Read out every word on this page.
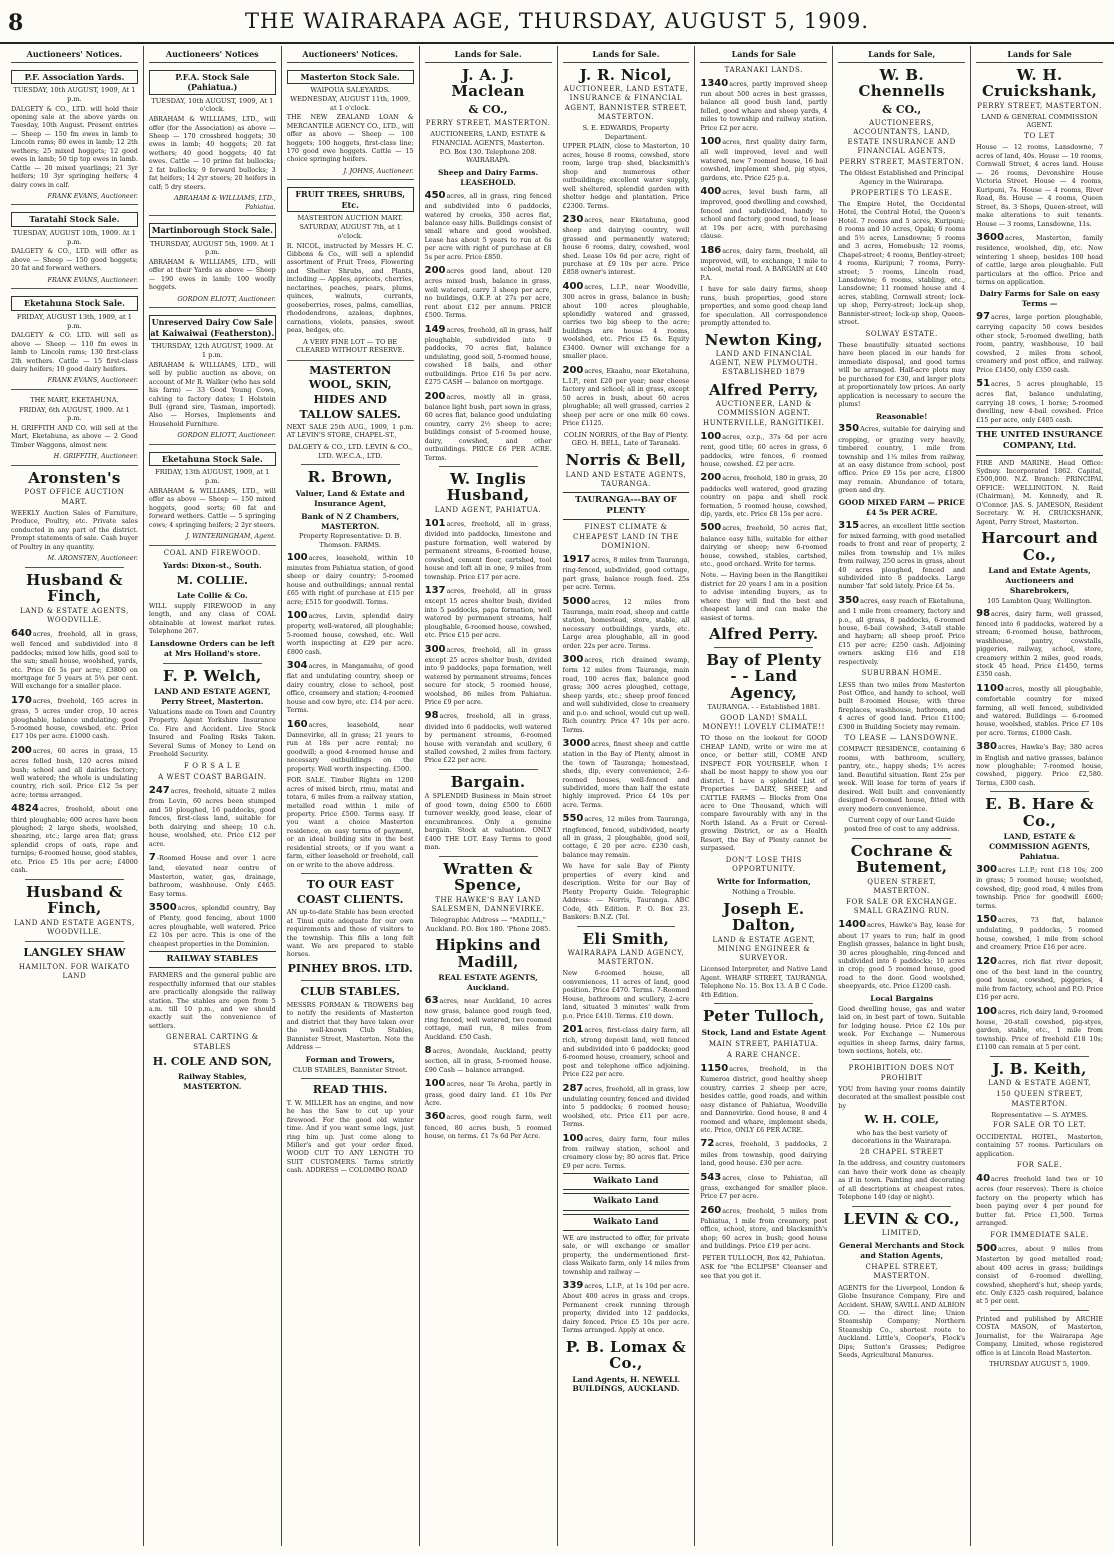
8	THE WAIRARAPA AGE, THURSDAY, AUGUST 5, 1909.
Auctioneers' Notices.
P.F. Association Yards.
TUESDAY, 10th AUGUST, 1909, At 1 p.m.
DALGETY & CO., LTD. will hold their opening sale at the above yards on Tuesday, 10th August. Present entries — Sheep — 150 fm ewes in lamb to Lincoln rams; 80 ewes in lamb; 12 2th wethers; 25 mixed hoggets; 12 good ewes in lamb; 50 tip top ewes in lamb. Cattle — 20 mixed yearlings; 21 3yr heifers; 10 3yr springing heifers; 4 dairy cows in calf.
FRANK EVANS, Auctioneer.
Taratahi Stock Sale.
TUESDAY, AUGUST 10th, 1909. At 1 p.m.
DALGETY & CO., LTD. will offer as above — Sheep — 150 good hoggets; 20 fat and forward wethers.
FRANK EVANS, Auctioneer.
Eketahuna Stock Sale.
FRIDAY, AUGUST 13th, 1909, at 1 p.m.
DALGETY & CO. LTD. will sell as above — Sheep — 110 fm ewes in lamb to Lincoln rams; 130 first-class 2th wethers. Cattle — 15 first-class dairy heifers; 10 good dairy heifers.
FRANK EVANS, Auctioneer.
THE MART, EKETAHUNA.
FRIDAY, 6th AUGUST, 1909. At 1 p.m.
H. GRIFFITH AND CO. will sell at the Mart, Eketahuna, as above — 2 Good Timber Waggons, almost new.
H. GRIFFITH, Auctioneer.
Aronsten's
POST OFFICE AUCTION MART.
WEEKLY Auction Sales of Furniture, Produce, Poultry, etc. Private sales conducted in any part of the district. Prompt statements of sale. Cash buyer of Poultry in any quantity.
M. ARONSTEN, Auctioneer.
Husband & Finch,
LAND & ESTATE AGENTS, WOODVILLE.
640acres, freehold, all in grass, well fenced and subdivided into 8 paddocks; mixed low hills, good soil to the sun; small house, woolshed, yards, etc. Price £6 5s per acre; £3800 on mortgage for 5 years at 5¼ per cent. Will exchange for a smaller place.
170acres, freehold, 165 acres in grass, 5 acres under crop, 10 acres ploughable, balance undulating; good 5-roomed house, cowshed, etc. Price £17 10s per acre. £1000 cash.
200acres, 60 acres in grass, 15 acres felled bush, 120 acres mixed bush; school and all dairies factory; well watered; the whole is undulating country, rich soil. Price £12 5s per acre; terms arranged.
4824acres, freehold, about one third ploughable; 600 acres have been ploughed; 2 large sheds, woolshed, shearing, etc.; large area flat; grass splendid crops of oats, rape and turnips; 6-roomed house, good stables, etc. Price £5 10s per acre; £4000 cash.
Husband & Finch,
LAND AND ESTATE AGENTS, WOODVILLE.
LANGLEY SHAW
HAMILTON. FOR WAIKATO LAND
Auctioneers' Notices
P.F.A. Stock Sale (Pahiatua.)
TUESDAY, 10th AUGUST, 1909, At 1 o'clock.
ABRAHAM & WILLIAMS, LTD., will offer (for the Association) as above — Sheep — 170 crossbred hoggets; 30 ewes in lamb; 40 hoggets; 20 fat wethers; 40 good hoggets; 40 fat ewes. Cattle — 10 prime fat bullocks; 2 fat bullocks; 9 forward bullocks; 3 fat heifers; 14 2yr steers; 20 heifers in calf; 5 dry steers.
ABRAHAM & WILLIAMS, LTD., Pahiatua.
Martinborough Stock Sale.
THURSDAY, AUGUST 5th, 1909. At 1 p.m.
ABRAHAM & WILLIAMS, LTD., will offer at their Yards as above — Sheep — 190 ewes in lamb; 100 woolly hoggets.
GORDON ELIOTT, Auctioneer.
Unreserved Dairy Cow Sale at Kaiwaiwai (Featherston).
THURSDAY, 12th AUGUST, 1909. At 1 p.m.
ABRAHAM & WILLIAMS, LTD., will sell by public auction as above, on account of Mr R. Walker (who has sold his farm) — 33 Good Young Cows, calving to factory dates; 1 Holstein Bull (grand sire, Tasman, imported). Also — Horses, Implements and Household Furniture.
GORDON ELIOTT, Auctioneer.
Eketahuna Stock Sale.
FRIDAY, 13th AUGUST, 1909, at 1 p.m.
ABRAHAM & WILLIAMS, LTD., will offer as above — Sheep — 150 mixed hoggets, good sorts; 60 fat and forward wethers. Cattle — 5 springing cows; 4 springing heifers; 2 2yr steers.
J. WINTERINGHAM, Agent.
COAL AND FIREWOOD.
Yards: Dixon-st., South.
M. COLLIE.
Late Collie & Co.
WILL supply FIREWOOD in any length, and any class of COAL obtainable at lowest market rates. Telephone 267.
Lansdowne Orders can be left at Mrs Holland's store.
F. P. Welch,
LAND AND ESTATE AGENT, Perry Street, Masterton.
Valuations made on Town and Country Property. Agent Yorkshire Insurance Co. Fire and Accident. Live Stock Insured and Foaling Risks Taken. Several Sums of Money to Lend on Freehold Security.
F O R S A L E
A WEST COAST BARGAIN.
247acres, freehold, situate 2 miles from Levin, 60 acres been stumped and 50 ploughed, 16 paddocks, good fences, first-class land, suitable for both dairying and sheep; 10 c.h. house, woolshed, etc. Price £12 per acre.
7-Roomed House and over 1 acre land, elevated near centre of Masterton, water, gas, drainage, bathroom, washhouse. Only £465. Easy terms.
3500acres, splendid country, Bay of Plenty, good fencing, about 1000 acres ploughable, well watered. Price £2 10s per acre. This is one of the cheapest properties in the Dominion.
RAILWAY STABLES
FARMERS and the general public are respectfully informed that our stables are practically alongside the railway station. The stables are open from 5 a.m. till 10 p.m., and we should exactly suit the convenience of settlers.
GENERAL CARTING & STABLES
H. COLE AND SON,
Railway Stables, MASTERTON.
Auctioneers' Notices.
Masterton Stock Sale.
WAIPOUA SALEYARDS. WEDNESDAY, AUGUST 11th, 1909, at 1 o'clock.
THE NEW ZEALAND LOAN & MERCANTILE AGENCY CO., LTD., will offer as above — Sheep — 100 hoggets; 100 hoggets, first-class line; 170 good ewe hoggets. Cattle — 15 choice springing heifers.
J. JOHNS, Auctioneer.
FRUIT TREES, SHRUBS, Etc.
MASTERTON AUCTION MART. SATURDAY, AUGUST 7th, at 1 o'clock.
R. NICOL, instructed by Messrs H. C. Gibbons & Co., will sell a splendid assortment of Fruit Trees, Flowering and Shelter Shrubs, and Plants, including — Apples, apricots, cherries, nectarines, peaches, pears, plums, quinces, walnuts, currants, gooseberries, roses, palms, camellias, rhododendrons, azaleas, daphnes, carnations, violets, pansies, sweet peas, hedges, etc.
A VERY FINE LOT — TO BE CLEARED WITHOUT RESERVE.
MASTERTON WOOL, SKIN, HIDES AND TALLOW SALES.
NEXT SALE 25th AUG., 1909, 1 p.m. AT LEVIN'S STORE, CHAPEL-ST.,
DALGETY & CO., LTD. LEVIN & CO., LTD. W.F.C.A., LTD.
R. Brown,
Valuer, Land & Estate and Insurance Agent,
Bank of N Z Chambers, MASTERTON.
Property Representative: D. B. Thomson. FARMS.
100acres, leasehold, within 10 minutes from Pahiatua station, of good sheep or dairy country; 5-roomed house and outbuildings; annual rental £65 with right of purchase at £15 per acre; £515 for goodwill. Terms.
100acres, Levin, splendid dairy property, well-watered, all ploughable; 5-roomed house, cowshed, etc. Well worth inspecting at £29 per acre. £800 cash.
304acres, in Mangamahu, of good flat and undulating country, sheep or dairy country, close to school, post office, creamery and station; 4-roomed house and cow byre, etc. £14 per acre. Terms.
160acres, leasehold, near Dannevirke, all in grass; 21 years to run at 18s per acre rental; no goodwill; a good 4-roomed house and necessary outbuildings on the property. Well worth inspecting. £500.
FOR SALE. Timber Rights on 1200 acres of mixed birch, rimu, matai and totara, 6 miles from a railway station, metalled road within 1 mile of property. Price £500. Terms easy. If you want a choice Masterton residence, on easy terms of payment, or an ideal building site in the best residential streets, or if you want a farm, either leasehold or freehold, call on or write to the above address.
TO OUR EAST COAST CLIENTS.
AN up-to-date Stable has been erected at Tinui quite adequate for our own requirements and those of visitors to the township. This fills a long felt want. We are prepared to stable horses.
PINHEY BROS. LTD.
CLUB STABLES.
MESSRS FORMAN & TROWERS beg to notify the residents of Masterton and district that they have taken over the well-known Club Stables, Bannister Street, Masterton. Note the Address —
Forman and Trowers,
CLUB STABLES, Bannister Street.
READ THIS.
T. W. MILLER has an engine, and now he has the Saw to cut up your firewood. For the good old winter time. And if you want some logs, just ring him up. Just come along to Miller's and get your order fixed. WOOD CUT TO ANY LENGTH TO SUIT CUSTOMERS. Terms strictly cash. ADDRESS — COLOMBO ROAD
Lands for Sale.
J. A. J. Maclean
& CO.,
PERRY STREET, MASTERTON.
AUCTIONEERS, LAND, ESTATE & FINANCIAL AGENTS, Masterton. P.O. Box 130. Telephone 208. WAIRARAPA.
Sheep and Dairy Farms. LEASEHOLD.
450acres, all in grass, ring fenced and subdivided into 6 paddocks, watered by creeks, 350 acres flat, balance easy hills. Buildings consist of small whare and good woolshed. Lease has about 5 years to run at 6s per acre with right of purchase at £8 5s per acre. Price £850.
200acres good land, about 120 acres mixed bush, balance in grass, well watered, carry 3 sheep per acre, no buildings, O.K.P. at 27s per acre, rent about £12 per annum. PRICE £500. Terms.
149acres, freehold, all in grass, half ploughable, subdivided into 9 paddocks, 70 acres flat, balance undulating, good soil, 5-roomed house, cowshed 18 bails, and other outbuildings. Price £16 5s per acre. £275 CASH — balance on mortgage.
200acres, mostly all in grass, balance light bush, part sown in grass, 60 acres flat, balance good undulating country, carry 2½ sheep to acre; buildings consist of 5-roomed house, dairy, cowshed, and other outbuildings. PRICE £6 PER ACRE. Terms.
W. Inglis Husband,
LAND AGENT, PAHIATUA.
101acres, freehold, all in grass, divided into paddocks, limestone and pasture formation, well watered by permanent streams, 6-roomed house, cowshed, cement floor, cartshed, tool house and loft all in one, 9 miles from township. Price £17 per acre.
137acres, freehold, all in grass except 15 acres shelter bush, divided into 5 paddocks, papa formation, well watered by permanent streams, half ploughable, 6-roomed house, cowshed, etc. Price £15 per acre.
300acres, freehold, all in grass except 25 acres shelter bush, divided into 9 paddocks, papa formation, well watered by permanent streams, fences secure for stock, 5 roomed house, woolshed, 86 miles from Pahiatua. Price £9 per acre.
98acres, freehold, all in grass, divided into 6 paddocks, well watered by permanent streams, 6-roomed house with verandah and scullery, 6 stalled cowshed, 2 miles from factory. Price £22 per acre.
Bargain.
A SPLENDID Business in Main street of good town, doing £500 to £600 turnover weekly, good lease, clear of encumbrances. Only a genuine bargain. Stock at valuation. ONLY £400 THE LOT. Easy Terms to good man.
Wratten & Spence,
THE HAWKE'S BAY LAND SALESMEN, DANNEVIRKE.
Telegraphic Address — "MADILL," Auckland. P.O. Box 180. 'Phone 2085.
Hipkins and Madill,
REAL ESTATE AGENTS, Auckland.
63acres, near Auckland, 10 acres now grass, balance good rough feed, ring fenced, well watered, two roomed cottage, mail run, 8 miles from Auckland. £50 Cash.
8acres, Avondale, Auckland, pretty section, all in grass, 5-roomed house. £90 Cash — balance arranged.
100acres, near Te Aroha, partly in grass, good dairy land. £1 10s Per Acre.
360acres, good rough farm, well fenced, 80 acres bush, 5 roomed house, on terms. £1 7s 6d Per Acre.
Lands for Sale.
J. R. Nicol,
AUCTIONEER, LAND ESTATE, INSURANCE & FINANCIAL AGENT, BANNISTER STREET, MASTERTON.
S. E. EDWARDS, Property Department.
UPPER PLAIN, close to Masterton, 10 acres, house 8 rooms, cowshed, store room, large trap shed, blacksmith's shop and numerous other outbuildings; excellent water supply, well sheltered, splendid garden with shelter hedge and plantation. Price £2300. Terms.
230acres, near Eketahuna, good sheep and dairying country, well grassed and permanently watered; house 6 rooms, dairy, cowshed, wool shed. Lease 10s 6d per acre, right of purchase at £9 10s per acre. Price £858 owner's interest.
400acres, L.I.P., near Woodville, 300 acres in grass, balance in bush; about 100 acres ploughable, splendidly watered and grassed, carries two big sheep to the acre; buildings are house 4 rooms, woolshed, etc. Price £5 6s. Equity £3400. Owner will exchange for a smaller place.
200acres, Ekaahu, near Eketahuna, L.I.P., rent £20 per year; near cheese factory and school; all in grass, except 50 acres in bush, about 60 acres ploughable; all well grassed, carries 2 sheep per acre or one milk 60 cows. Price £1125.
COLIN NORRIS, of the Bay of Plenty. GEO. H. BELL, Late of Taranaki.
Norris & Bell,
LAND AND ESTATE AGENTS, TAURANGA.
TAURANGA---BAY OF PLENTY
FINEST CLIMATE & CHEAPEST LAND IN THE DOMINION.
1917acres, 8 miles from Tauranga, ring-fenced, subdivided, good cottage, part grass, balance rough feed. 25s per acre. Terms.
5000acres, 12 miles from Tauranga, main road, sheep and cattle station, homestead, store, stable, all necessary outbuildings, yards, etc. Large area ploughable, all in good order. 22s per acre. Terms.
300acres, rich drained swamp, form 12 miles from Tauranga, main road, 100 acres flax, balance good grass; 300 acres ploughed, cottage, sheep yards, etc.; sheep proof fenced and well subdivided, close to creamery and p.o. and school, would cut up well. Rich country. Price 47 10s per acre. Terms.
3000acres, finest sheep and cattle station in the Bay of Plenty, almost in the town of Tauranga; homestead, sheds, dip, every convenience, 2-6-roomed houses, well-fenced and subdivided, more than half the estate highly improved. Price £4 10s per acre. Terms.
550acres, 12 miles from Tauranga, ringfenced, fenced, subdivided, nearly all in grass, 2 ploughable, good soil, cottage, £ 20 per acre. £230 cash, balance may remain.
We have for sale Bay of Plenty properties of every kind and description. Write for our Bay of Plenty Property Guide. Telegraphic Address: — Norris, Tauranga. ABC Code, 4th Edition. P. O. Box 23. Bankers: B.N.Z. (Tel.
Eli Smith,
WAIRARAPA LAND AGENCY, MASTERTON.
New 6-roomed house, all conveniences, 11 acres of land, good position. Price £470. Terms. 7-Roomed House, bathroom and scullery, 2-acre land, situated 3 minutes' walk from p.o. Price £410. Terms. £10 down.
201acres, first-class dairy farm, all rich, strong deposit land, well fenced and subdivided into 6 paddocks; good 6-roomed house, creamery, school and post and telephone office adjoining. Price £22 per acre.
287acres, freehold, all in grass, low undulating country, fenced and divided into 5 paddocks; 6 roomed house; woolshed, etc. Price £11 per acre. Terms.
100acres, dairy farm, four miles from railway station, school and creamery close by; 80 acres flat. Price £9 per acre. Terms.
Waikato Land
Waikato Land
Waikato Land
WE are instructed to offer, for private sale, or will exchange or smaller property, the undermentioned first-class Waikato farm, only 14 miles from township and railway —
339acres, L.I.P., at 1s 10d per acre. About 400 acres in grass and crops. Permanent creek running through property, divided into 12 paddocks, dairy fenced. Price £5 10s per acre. Terms arranged. Apply at once.
P. B. Lomax & Co.,
Land Agents, H. NEWELL BUILDINGS, AUCKLAND.
Lands for Sale
TARANAKI LANDS.
1340acres, partly improved sheep run about 500 acres in best grasses, balance all good bush land, partly felled, good whare and sheep yards, 4 miles to township and railway station. Price £2 per acre.
100acres, first quality dairy farm, all well improved, level and well watered, new 7 roomed house, 16 bail cowshed, implement shed, pig styes, gardens, etc. Price £25 p.a.
400acres, level bush farm, all improved, good dwelling and cowshed, fenced and subdivided, handy to school and factory, good road, to lease at 19s per acre, with purchasing clause.
186acres, dairy farm, freehold, all improved, will, to exchange, 1 mile to school, metal road. A BARGAIN at £40 P.A.
I have for sale dairy farms, sheep runs, bush properties, good store properties, and some good cheap land for speculation. All correspondence promptly attended to.
Newton King,
LAND AND FINANCIAL AGENT, NEW PLYMOUTH. ESTABLISHED 1879
Alfred Perry,
AUCTIONEER, LAND & COMMISSION AGENT. HUNTERVILLE, RANGITIKEI.
100acres, o.r.p., 37s 6d per acre rent, good title; 60 acres in grass, 6 paddocks, wire fences, 6 roomed house, cowshed. £2 per acre.
200acres, freehold, 180 in grass, 20 paddocks well watered, good grazing country on papa and shell rock formation, 5 roomed house, cowshed, dip, yards, etc. Price £8 15s per acre.
500acres, freehold, 50 acres flat, balance easy hills, suitable for either dairying or sheep; new 6-roomed house, cowshed, stables, cartshed, etc., good orchard. Write for terms.
Note. — Having been in the Rangitikei district for 20 years I am in a position to advise intending buyers, as to where they will find the best and cheapest land and can make the easiest of terms.
Alfred Perry.
Bay of Plenty - - Land Agency,
TAURANGA. - - Established 1881.
GOOD LAND! SMALL MONEY!! LOVELY CLIMATE!!
TO those on the lookout for GOOD CHEAP LAND, write or wire me at once, or better still, COME AND INSPECT FOR YOURSELF, when I shall be most happy to show you our district. I have a splendid List of Properties — DAIRY, SHEEP, and CATTLE FARMS — Blocks from One acre to One Thousand, which will compare favourably with any in the North Island. As a Fruit or Cereal-growing District, or as a Health Resort, the Bay of Plenty cannot be surpassed.
DON'T LOSE THIS OPPORTUNITY.
Write for Information,
Nothing a Trouble.
Joseph E. Dalton,
LAND & ESTATE AGENT, MINING ENGINEER & SURVEYOR.
Licensed Interpreter, and Native Land Agent. WHARF STREET, TAURANGA. Telephone No. 15. Box 13. A B C Code. 4th Edition.
Peter Tulloch,
Stock, Land and Estate Agent
MAIN STREET, PAHIATUA.
A RARE CHANCE.
1150acres, freehold, in the Kumeroa district, good healthy sheep country, carries 2 sheep per acre, besides cattle, good roads, and within easy distance of Pahiatua, Woodville and Dannevirke. Good house, 8 and 4 roomed and whare, implement sheds, etc. Price, ONLY £6 PER ACRE.
72acres, freehold, 3 paddocks, 2 miles from township, good dairying land, good house. £30 per acre.
543acres, close to Pahiatua, all grass, exchanged for smaller place. Price £7 per acre.
260acres, freehold, 5 miles from Pahiatua, 1 mile from creamery, post office, school, store, and blacksmith's shop; 60 acres in bush; good house and buildings. Price £19 per acre.
PETER TULLOCH, Box 42, Pahiatua.
ASK for "the ECLIPSE" Cleanser and see that you get it.
Lands for Sale,
W. B. Chennells
& CO.,
AUCTIONEERS, ACCOUNTANTS, LAND, ESTATE INSURANCE AND FINANCIAL AGENTS,
PERRY STREET, MASTERTON.
The Oldest Established and Principal Agency in the Wairarapa.
PROPERTIES TO LEASE.
The Empire Hotel, the Occidental Hotel, the Central Hotel, the Queen's Hotel. 7 rooms and 5 acres, Kuripuni; 6 rooms and 10 acres, Opaki; 6 rooms and 5½ acres, Lansdowne; 5 rooms and 3 acres, Homebush; 12 rooms, Chapel-street; 4 rooms, Bentley-street; 4 rooms, Kuripuni; 7 rooms, Perry-street; 5 rooms, Lincoln road, Lansdowne; 6 rooms, stabling, etc., Lansdowne; 11 roomed house and 4 acres, stabling, Cornwall street; lock-up shop, Perry-street; lock-up shop, Bannister-street; lock-up shop, Queen-street.
SOLWAY ESTATE.
These beautifully situated sections have been placed in our hands for immediate disposal, and good terms will be arranged. Half-acre plots may be purchased for £30, and larger plots at proportionately low prices. An early application is necessary to secure the plums!
Reasonable!
350Acres, suitable for dairying and cropping, or grazing very heavily, timbered country, 1 mile from township and 1¼ miles from railway, at an easy distance from school, post office. Price £9 15s per acre, £1800 may remain. Abundance of totara, green and dry.
GOOD MIXED FARM — PRICE £4 5s PER ACRE.
315acres, an excellent little section for mixed farming, with good metalled roads to front and rear of property, 2 miles from township and 1¼ miles from railway, 250 acres in grass, about 40 acres ploughed, fenced and subdivided into 8 paddocks. Large number 'fat' sold lately. Price £4 5s.
350acres, easy reach of Eketahuna, and 1 mile from creamery, factory and p.o., all grass, 8 paddocks, 6-roomed house, 6-bail cowshed, 3-stall stable and haybarn; all sheep proof. Price £15 per acre; £250 cash. Adjoining owners asking £16 and £18 respectively.
SUBURBAN HOME.
LESS than two miles from Masterton Post Office, and handy to school, well built 8-roomed House, with three fireplaces, washhouse, bathroom, and 4 acres of good land. Price £1100; £300 in Building Society may remain.
TO LEASE — LANSDOWNE.
COMPACT RESIDENCE, containing 6 rooms, with bathroom, scullery, pantry, etc., happy sheds; 1½ acres land. Beautiful situation. Rent 25s per week. Will lease for term of years if desired. Well built and conveniently designed 6-roomed house, fitted with every modern convenience.
Current copy of our Land Guide posted free of cost to any address.
Cochrane & Butement,
QUEEN STREET, MASTERTON.
FOR SALE OR EXCHANGE. SMALL GRAZING RUN.
1400acres, Hawke's Bay, lease for about 17 years to run; half in good English grasses, balance in light bush, 30 acres ploughable, ring-fenced and subdivided into 6 paddocks; 10 acres in crop; good 5 roomed house, good road to the door. Good woolshed, sheepyards, etc. Price £1200 cash.
Local Bargains
Good dwelling house, gas and water laid on, in best part of town. Suitable for lodging house. Price £2 10s per week. For Exchange — Numerous equities in sheep farms, dairy farms, town sections, hotels, etc.
PROHIBITION DOES NOT PROHIBIT
YOU from having your rooms daintily decorated at the smallest possible cost by
W. H. COLE,
who has the best variety of decorations in the Wairarapa.
28 CHAPEL STREET
In the address, and country customers can have their work done as cheaply as if in town. Painting and decorating of all descriptions at cheapest rates. Telephone 149 (day or night).
LEVIN & CO.,
LIMITED,
General Merchants and Stock and Station Agents,
CHAPEL STREET, MASTERTON.
AGENTS for the Liverpool, London & Globe Insurance Company, Fire and Accident. SHAW, SAVILL AND ALBION CO. — the direct line; Union Steamship Company; Northern Steamship Co., shortest route to Auckland. Little's, Cooper's, Flock's Dips; Sutton's Grasses; Pedigree Seeds, Agricultural Manures.
Lands for Sale
W. H. Cruickshank,
PERRY STREET, MASTERTON.
LAND & GENERAL COMMISSION AGENT.
TO LET
House — 12 rooms, Lansdowne, 7 acres of land, 40s. House — 10 rooms, Cornwall Street, 4 acres land. House — 26 rooms, Devonshire House Victoria Street. House — 4 rooms, Kuripuni, 7s. House — 4 rooms, River Road, 8s. House — 4 rooms, Queen Street, 8s. 3 Shops, Queen-street, will make alterations to suit tenants. House — 3 rooms, Lansdowne, 11s.
3600acres, Masterton, family residence, woolshed, dip, etc. Now wintering 1 sheep, besides 100 head of cattle, large area ploughable. Full particulars at the office. Price and terms on application.
Dairy Farms for Sale on easy Terms —
97acres, large portion ploughable, carrying capacity 50 cows besides other stock, 5-roomed dwelling, bath room, pantry, washhouse, 10 bail cowshed, 2 miles from school, creamery and post office, and railway. Price £1450, only £350 cash.
51acres, 5 acres ploughable, 15 acres flat, balance undulating, carrying 18 cows, 1 horse; 5-roomed dwelling, new 4-bail cowshed. Price £15 per acre, only £405 cash.
THE UNITED INSURANCE COMPANY, Ltd.
FIRE AND MARINE. Head Office: Sydney. Incorporated 1862. Capital, £500,000. N.Z. Branch: PRINCIPAL OFFICE: WELLINGTON. N. Reid (Chairman), M. Kennedy, and R. O'Connor. JAS. S. JAMESON, Resident Secretary. W. H. CRUICKSHANK, Agent, Perry Street, Masterton.
Harcourt and Co.,
Land and Estate Agents, Auctioneers and Sharebrokers,
105 Lambton Quay, Wellington.
98acres, dairy farm, well grassed, fenced into 6 paddocks, watered by a stream; 6-roomed house, bathroom, washhouse, pantry, cowstalls, piggeries, railway, school, store, creamery within 2 miles, good roads, stock 45 head. Price £1450, terms £350 cash.
1100acres, mostly all ploughable, comfortable country for mixed farming, all well fenced, subdivided and watered. Buildings — 6-roomed house, woolshed, stables. Price £7 10s per acre. Terms, £1000 Cash.
380acres, Hawke's Bay; 380 acres in English and native grasses, balance now ploughable; 7-roomed house, cowshed, piggery. Price £2,580. Terms, £300 cash.
E. B. Hare & Co.,
LAND, ESTATE & COMMISSION AGENTS, Pahiatua.
300acres L.I.P.; rent £18 10s; 200 in grass; 5 roomed house; woolshed, cowshed, dip; good road, 4 miles from township. Price for goodwill £600; terms.
150acres, 73 flat, balance undulating, 9 paddocks, 5 roomed house, cowshed, 1 mile from school and creamery. Price £16 per acre.
120acres, rich flat river deposit, one of the best land in the country, good house, cowshed, piggeries, 4 mile from factory, school and P.O. Price £16 per acre.
100acres, rich dairy land, 9-roomed house, 20-stall cowshed, pig-styes, garden, stable, etc., 1 mile from township. Price of freehold £18 10s; £1100 can remain at 5 per cent.
J. B. Keith,
LAND & ESTATE AGENT,
150 QUEEN STREET, MASTERTON.
Representative — S. AYMES.
FOR SALE OR TO LET.
OCCIDENTAL HOTEL, Masterton, containing 57 rooms. Particulars on application.
FOR SALE.
40acres freehold land two or 10 acres (four reserves). There is choice factory on the property which has been paying over 4 per pound for butter fat. Price £1,500. Terms arranged.
FOR IMMEDIATE SALE.
500acres, about 9 miles from Masterton by good metalled road; about 400 acres in grass; buildings consist of 6-roomed dwelling, cowshed, shepherd's hut, sheep yards, etc. Only £325 cash required, balance at 5 per cent.
Printed and published by ARCHIE COSTA MASON, of Masterton, Journalist, for the Wairarapa Age Company, Limited, whose registered office is at Lincoln Road Masterton.
THURSDAY AUGUST 5, 1909.
